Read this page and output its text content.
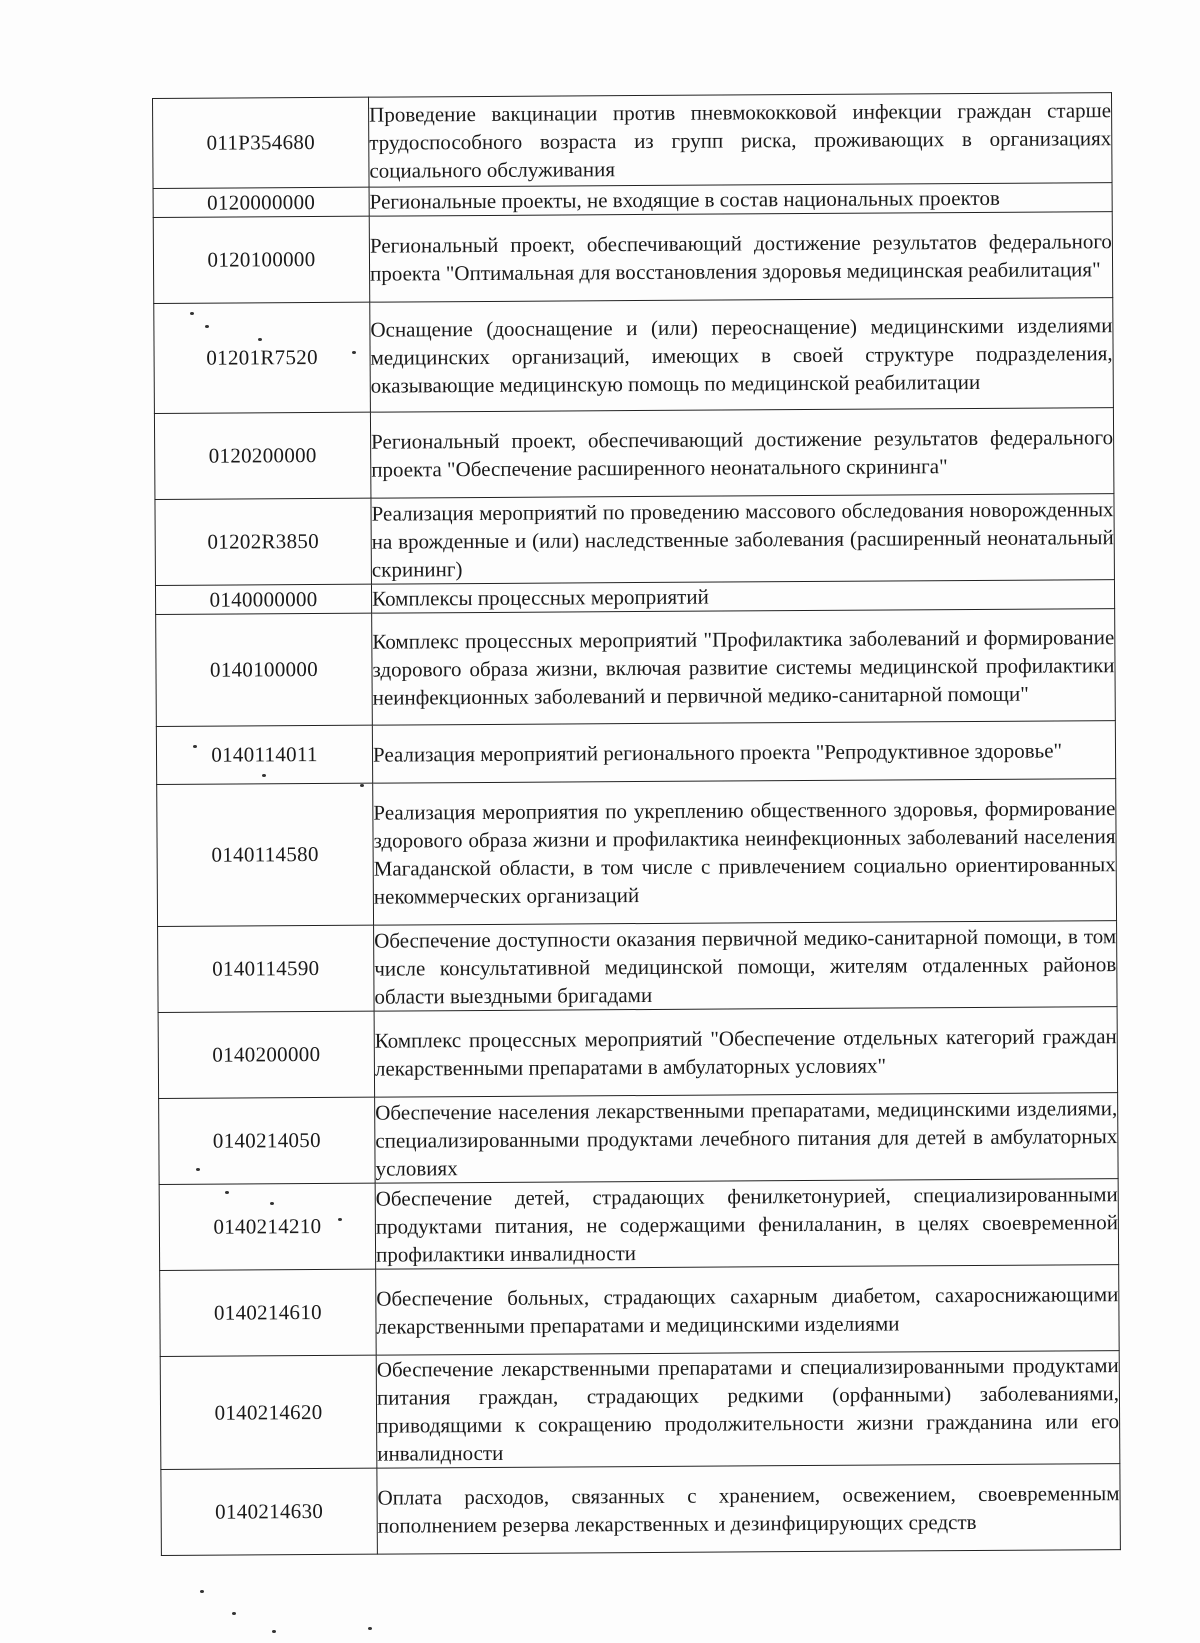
011P354680	Проведение вакцинации против пневмококковой инфекции граждан старше трудоспособного возраста из групп риска, проживающих в организациях социального обслуживания
0120000000	Региональные проекты, не входящие в состав национальных проектов
0120100000	Региональный проект, обеспечивающий достижение результатов федерального проекта "Оптимальная для восстановления здоровья медицинская реабилитация"
01201R7520	Оснащение (дооснащение и (или) переоснащение) медицинскими изделиями медицинских организаций, имеющих в своей структуре подразделения, оказывающие медицинскую помощь по медицинской реабилитации
0120200000	Региональный проект, обеспечивающий достижение результатов федерального проекта "Обеспечение расширенного неонатального скрининга"
01202R3850	Реализация мероприятий по проведению массового обследования новорожденных на врожденные и (или) наследственные заболевания (расширенный неонатальный скрининг)
0140000000	Комплексы процессных мероприятий
0140100000	Комплекс процессных мероприятий "Профилактика заболеваний и формирование здорового образа жизни, включая развитие системы медицинской профилактики неинфекционных заболеваний и первичной медико-санитарной помощи"
0140114011	Реализация мероприятий регионального проекта "Репродуктивное здоровье"
0140114580	Реализация мероприятия по укреплению общественного здоровья, формирование здорового образа жизни и профилактика неинфекционных заболеваний населения Магаданской области, в том числе с привлечением социально ориентированных некоммерческих организаций
0140114590	Обеспечение доступности оказания первичной медико-санитарной помощи, в том числе консультативной медицинской помощи, жителям отдаленных районов области выездными бригадами
0140200000	Комплекс процессных мероприятий "Обеспечение отдельных категорий граждан лекарственными препаратами в амбулаторных условиях"
0140214050	Обеспечение населения лекарственными препаратами, медицинскими изделиями, специализированными продуктами лечебного питания для детей в амбулаторных условиях
0140214210	Обеспечение детей, страдающих фенилкетонурией, специализированными продуктами питания, не содержащими фенилаланин, в целях своевременной профилактики инвалидности
0140214610	Обеспечение больных, страдающих сахарным диабетом, сахароснижающими лекарственными препаратами и медицинскими изделиями
0140214620	Обеспечение лекарственными препаратами и специализированными продуктами питания граждан, страдающих редкими (орфанными) заболеваниями, приводящими к сокращению продолжительности жизни гражданина или его инвалидности
0140214630	Оплата расходов, связанных с хранением, освежением, своевременным пополнением резерва лекарственных и дезинфицирующих средств
